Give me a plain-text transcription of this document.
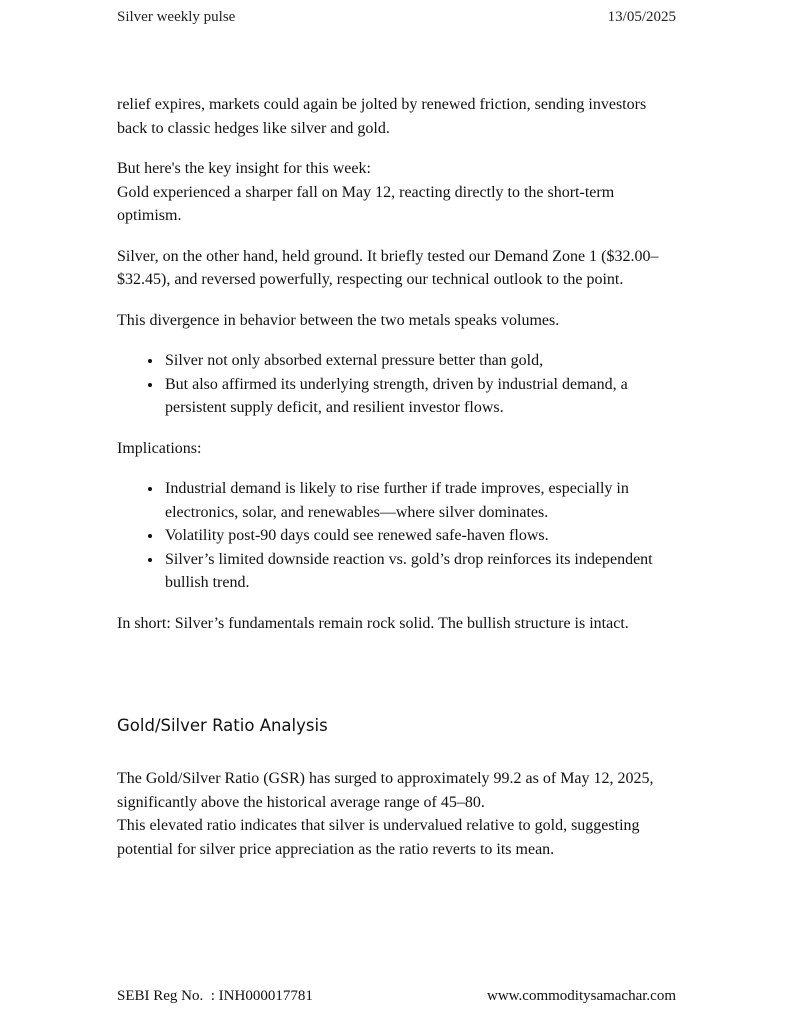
Silver weekly pulse	13/05/2025

relief expires, markets could again be jolted by renewed friction, sending investors back to classic hedges like silver and gold.

But here's the key insight for this week:
Gold experienced a sharper fall on May 12, reacting directly to the short-term optimism.

Silver, on the other hand, held ground. It briefly tested our Demand Zone 1 ($32.00–$32.45), and reversed powerfully, respecting our technical outlook to the point.

This divergence in behavior between the two metals speaks volumes.

• Silver not only absorbed external pressure better than gold,
• But also affirmed its underlying strength, driven by industrial demand, a persistent supply deficit, and resilient investor flows.

Implications:

• Industrial demand is likely to rise further if trade improves, especially in electronics, solar, and renewables—where silver dominates.
• Volatility post-90 days could see renewed safe-haven flows.
• Silver’s limited downside reaction vs. gold’s drop reinforces its independent bullish trend.

In short: Silver’s fundamentals remain rock solid. The bullish structure is intact.

Gold/Silver Ratio Analysis

The Gold/Silver Ratio (GSR) has surged to approximately 99.2 as of May 12, 2025, significantly above the historical average range of 45–80.

This elevated ratio indicates that silver is undervalued relative to gold, suggesting potential for silver price appreciation as the ratio reverts to its mean.

SEBI Reg No.  : INH000017781	www.commoditysamachar.com
